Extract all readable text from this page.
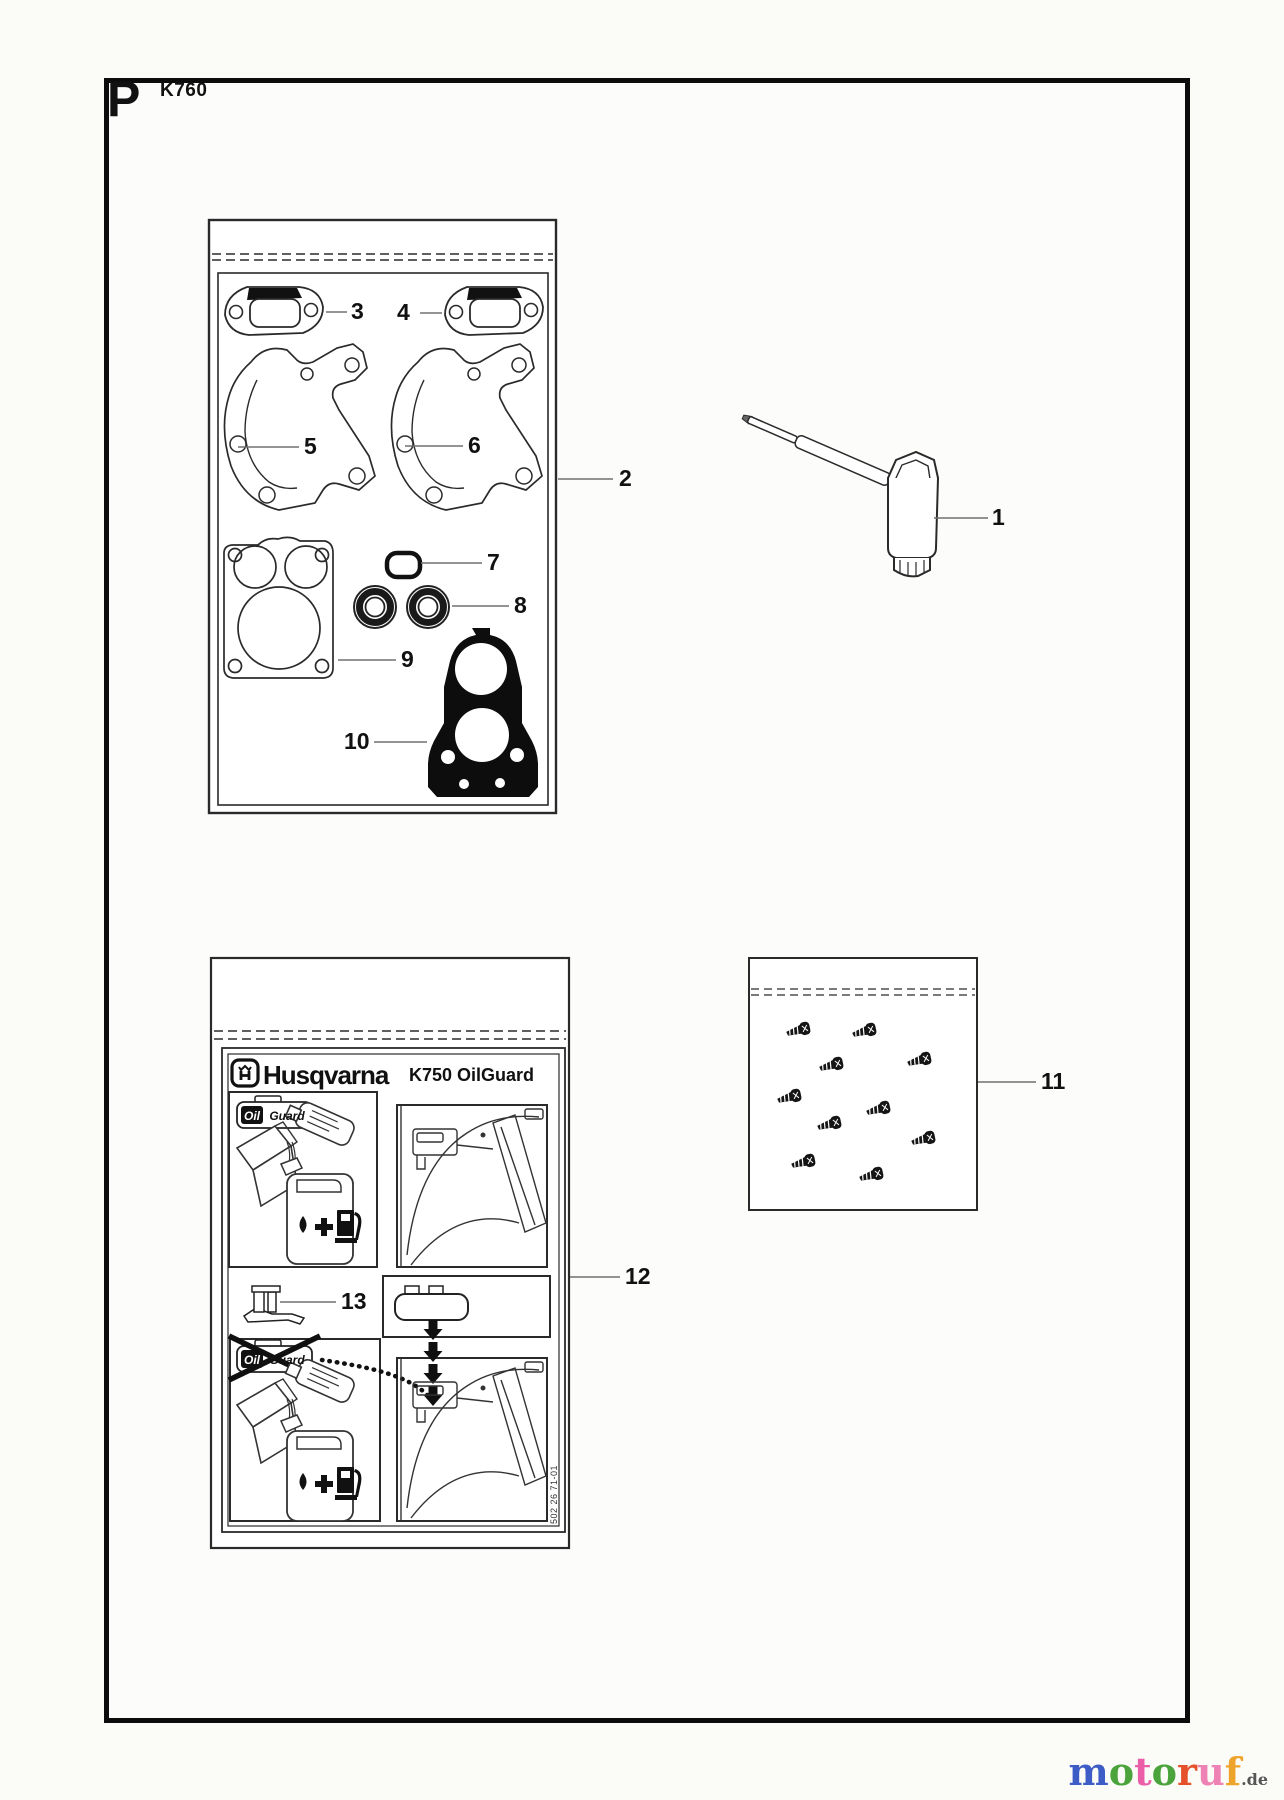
Oil Guard
Oil Guard
P K760
1
2
3 4
5	6
7
8
9
10
11
12
13
Husqvarna K750 OilGuard
502 26 71-01
motoruf.de
